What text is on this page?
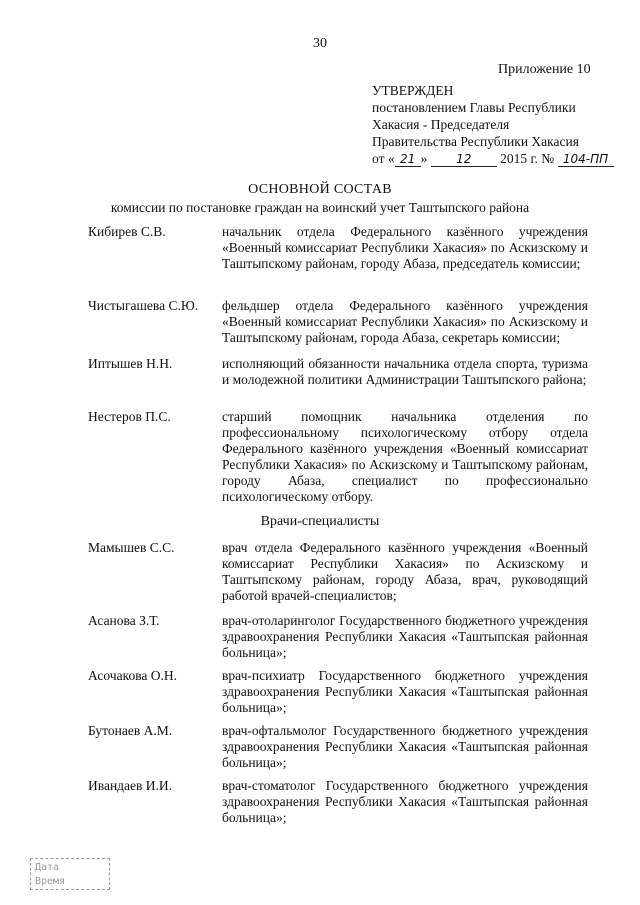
30
Приложение 10
УТВЕРЖДЕН
постановлением Главы Республики
Хакасия - Председателя
Правительства Республики Хакасия
от « 21 » 12 2015 г. № 104-ПП
ОСНОВНОЙ СОСТАВ
комиссии по постановке граждан на воинский учет Таштыпского района
Кибирев С.В.	начальник отдела Федерального казённого учреждения «Военный комиссариат Республики Хакасия» по Аскизскому и Таштыпскому районам, городу Абаза, председатель комиссии;
Чистыгашева С.Ю. фельдшер отдела Федерального казённого учреждения «Военный комиссариат Республики Хакасия» по Аскизскому и Таштыпскому районам, города Абаза, секретарь комиссии;
Иптышев Н.Н.	исполняющий обязанности начальника отдела спорта, туризма и молодежной политики Администрации Таштыпского района;
Нестеров П.С.	старший помощник начальника отделения по профессиональному психологическому отбору отдела Федерального казённого учреждения «Военный комиссариат Республики Хакасия» по Аскизскому и Таштыпскому районам, городу Абаза, специалист по профессионально психологическому отбору.
Врачи-специалисты
Мамышев С.С.	врач отдела Федерального казённого учреждения «Военный комиссариат Республики Хакасия» по Аскизскому и Таштыпскому районам, городу Абаза, врач, руководящий работой врачей-специалистов;
Асанова З.Т.	врач-отоларинголог Государственного бюджетного учреждения здравоохранения Республики Хакасия «Таштыпская районная больница»;
Асочакова О.Н.	врач-психиатр Государственного бюджетного учреждения здравоохранения Республики Хакасия «Таштыпская районная больница»;
Бутонаев А.М.	врач-офтальмолог Государственного бюджетного учреждения здравоохранения Республики Хакасия «Таштыпская районная больница»;
Ивандаев И.И.	врач-стоматолог Государственного бюджетного учреждения здравоохранения Республики Хакасия «Таштыпская районная больница»;
Дата
Время
